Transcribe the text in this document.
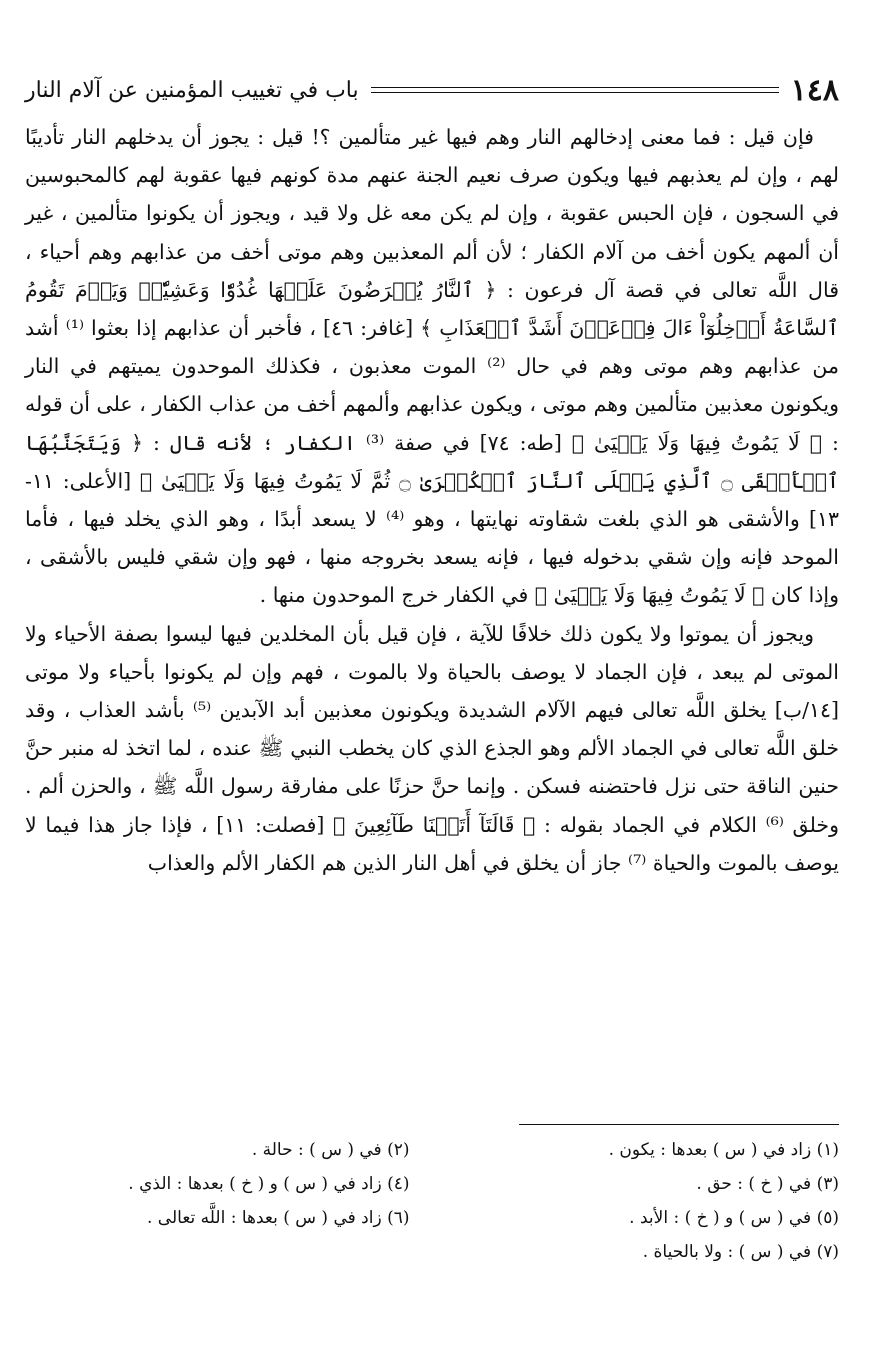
١٤٨
باب في تغييب المؤمنين عن آلام النار

فإن قيل : فما معنى إدخالهم النار وهم فيها غير متألمين ؟! قيل : يجوز أن يدخلهم النار تأديبًا لهم ، وإن لم يعذبهم فيها ويكون صرف نعيم الجنة عنهم مدة كونهم فيها عقوبة لهم كالمحبوسين في السجون ، فإن الحبس عقوبة ، وإن لم يكن معه غل ولا قيد ، ويجوز أن يكونوا متألمين ، غير أن ألمهم يكون أخف من آلام الكفار ؛ لأن ألم المعذبين وهم موتى أخف من عذابهم وهم أحياء ، قال اللَّه تعالى في قصة آل فرعون : ﴿ ٱلنَّارُ يُعۡرَضُونَ عَلَيۡهَا غُدُوّٗا وَعَشِيّٗاۚ وَيَوۡمَ تَقُومُ ٱلسَّاعَةُ أَدۡخِلُوٓاْ ءَالَ فِرۡعَوۡنَ أَشَدَّ ٱلۡعَذَابِ ﴾ [غافر: ٤٦] ، فأخبر أن عذابهم إذا بعثوا ⁽¹⁾ أشد من عذابهم وهم موتى وهم في حال ⁽²⁾ الموت معذبون ، فكذلك الموحدون يميتهم في النار ويكونون معذبين متألمين وهم موتى ، ويكون عذابهم وألمهم أخف من عذاب الكفار ، على أن قوله : ﴿ لَا يَمُوتُ فِيهَا وَلَا يَحۡيَىٰ ﴾ [طه: ٧٤] في صفة ⁽³⁾ الكفار ؛ لأنه قال : ﴿ وَيَتَجَنَّبُهَا ٱلۡأَشۡقَى ۝ ٱلَّذِي يَصۡلَى ٱلنَّارَ ٱلۡكُبۡرَىٰ ۝ ثُمَّ لَا يَمُوتُ فِيهَا وَلَا يَحۡيَىٰ ﴾ [الأعلى: ١١- ١٣] والأشقى هو الذي بلغت شقاوته نهايتها ، وهو ⁽⁴⁾ لا يسعد أبدًا ، وهو الذي يخلد فيها ، فأما الموحد فإنه وإن شقي بدخوله فيها ، فإنه يسعد بخروجه منها ، فهو وإن شقي فليس بالأشقى ، وإذا كان ﴿ لَا يَمُوتُ فِيهَا وَلَا يَحۡيَىٰ ﴾ في الكفار خرج الموحدون منها .

ويجوز أن يموتوا ولا يكون ذلك خلافًا للآية ، فإن قيل بأن المخلدين فيها ليسوا بصفة الأحياء ولا الموتى لم يبعد ، فإن الجماد لا يوصف بالحياة ولا بالموت ، فهم وإن لم يكونوا بأحياء ولا موتى [١٤/ب] يخلق اللَّه تعالى فيهم الآلام الشديدة ويكونون معذبين أبد الآبدين ⁽⁵⁾ بأشد العذاب ، وقد خلق اللَّه تعالى في الجماد الألم وهو الجذع الذي كان يخطب النبي ﷺ عنده ، لما اتخذ له منبر حنَّ حنين الناقة حتى نزل فاحتضنه فسكن . وإنما حنَّ حزنًا على مفارقة رسول اللَّه ﷺ ، والحزن ألم . وخلق ⁽⁶⁾ الكلام في الجماد بقوله : ﴿ قَالَتَآ أَتَيۡنَا طَآئِعِينَ ﴾ [فصلت: ١١] ، فإذا جاز هذا فيما لا يوصف بالموت والحياة ⁽⁷⁾ جاز أن يخلق في أهل النار الذين هم الكفار الألم والعذاب

(١) زاد في ( س ) بعدها : يكون .
(٢) في ( س ) : حالة .
(٣) في ( خ ) : حق .
(٤) زاد في ( س ) و ( خ ) بعدها : الذي .
(٥) في ( س ) و ( خ ) : الأبد .
(٦) زاد في ( س ) بعدها : اللَّه تعالى .
(٧) في ( س ) : ولا بالحياة .
